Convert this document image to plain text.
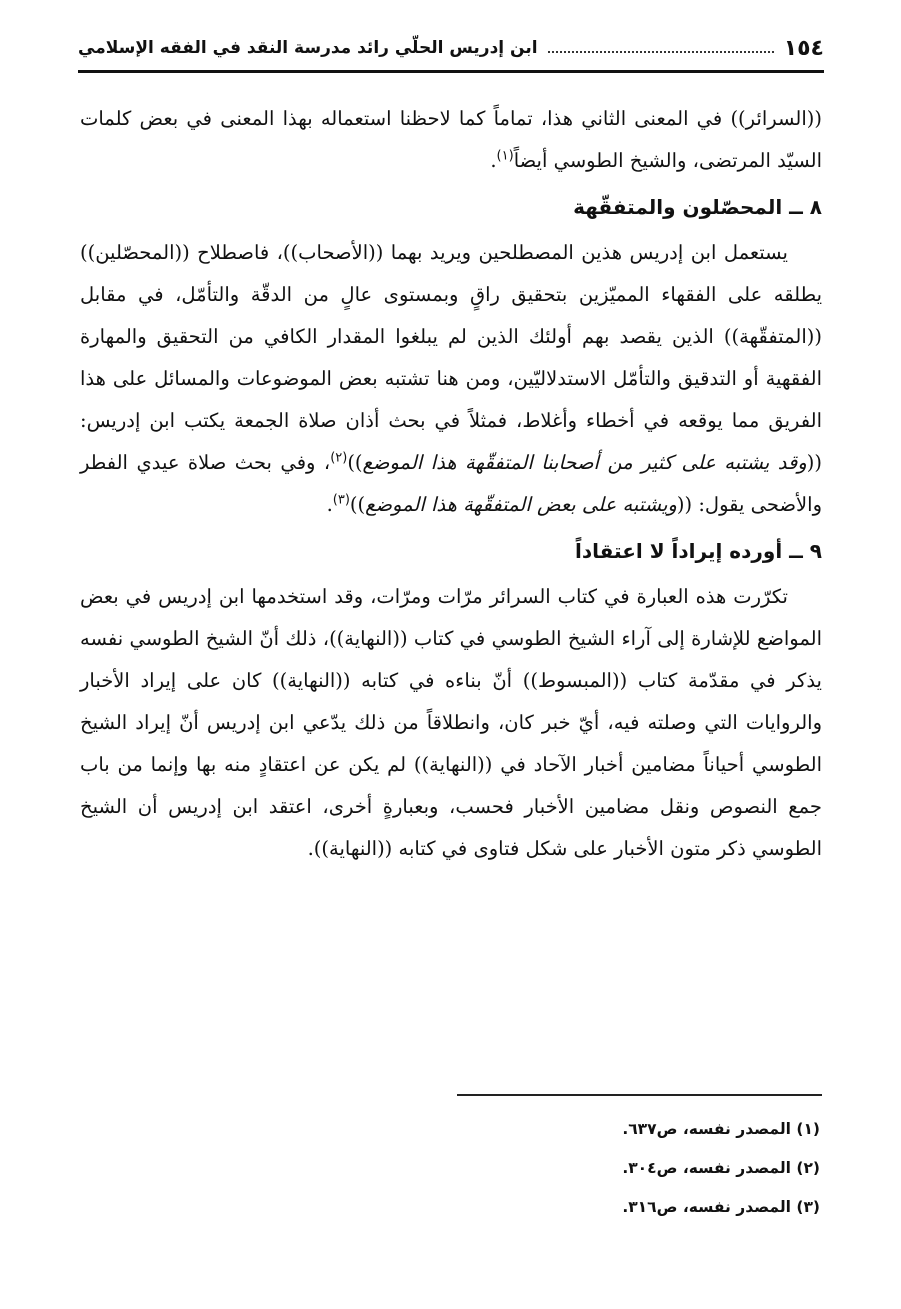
١٥٤
ابن إدريس الحلّي رائد مدرسة النقد في الفقه الإسلامي

((السرائر)) في المعنى الثاني هذا، تماماً كما لاحظنا استعماله بهذا المعنى في بعض كلمات السيّد المرتضى، والشيخ الطوسي أيضاً$^{(١)}$.

٨ ــ المحصّلون والمتفقّهة

يستعمل ابن إدريس هذين المصطلحين ويريد بهما ((الأصحاب))، فاصطلاح ((المحصّلين)) يطلقه على الفقهاء المميّزين بتحقيق راقٍ وبمستوى عالٍ من الدقّة والتأمّل، في مقابل ((المتفقّهة)) الذين يقصد بهم أولئك الذين لم يبلغوا المقدار الكافي من التحقيق والمهارة الفقهية أو التدقيق والتأمّل الاستدلاليّين، ومن هنا تشتبه بعض الموضوعات والمسائل على هذا الفريق مما يوقعه في أخطاء وأغلاط، فمثلاً في بحث أذان صلاة الجمعة يكتب ابن إدريس: ((وقد يشتبه على كثير من أصحابنا المتفقّهة هذا الموضع))$^{(٢)}$، وفي بحث صلاة عيدي الفطر والأضحى يقول: ((ويشتبه على بعض المتفقّهة هذا الموضع))$^{(٣)}$.

٩ ــ أورده إيراداً لا اعتقاداً

تكرّرت هذه العبارة في كتاب السرائر مرّات ومرّات، وقد استخدمها ابن إدريس في بعض المواضع للإشارة إلى آراء الشيخ الطوسي في كتاب ((النهاية))، ذلك أنّ الشيخ الطوسي نفسه يذكر في مقدّمة كتاب ((المبسوط)) أنّ بناءه في كتابه ((النهاية)) كان على إيراد الأخبار والروايات التي وصلته فيه، أيّ خبر كان، وانطلاقاً من ذلك يدّعي ابن إدريس أنّ إيراد الشيخ الطوسي أحياناً مضامين أخبار الآحاد في ((النهاية)) لم يكن عن اعتقادٍ منه بها وإنما من باب جمع النصوص ونقل مضامين الأخبار فحسب، وبعبارةٍ أخرى، اعتقد ابن إدريس أن الشيخ الطوسي ذكر متون الأخبار على شكل فتاوى في كتابه ((النهاية)).

(١) المصدر نفسه، ص٦٣٧.
(٢) المصدر نفسه، ص٣٠٤.
(٣) المصدر نفسه، ص٣١٦.
